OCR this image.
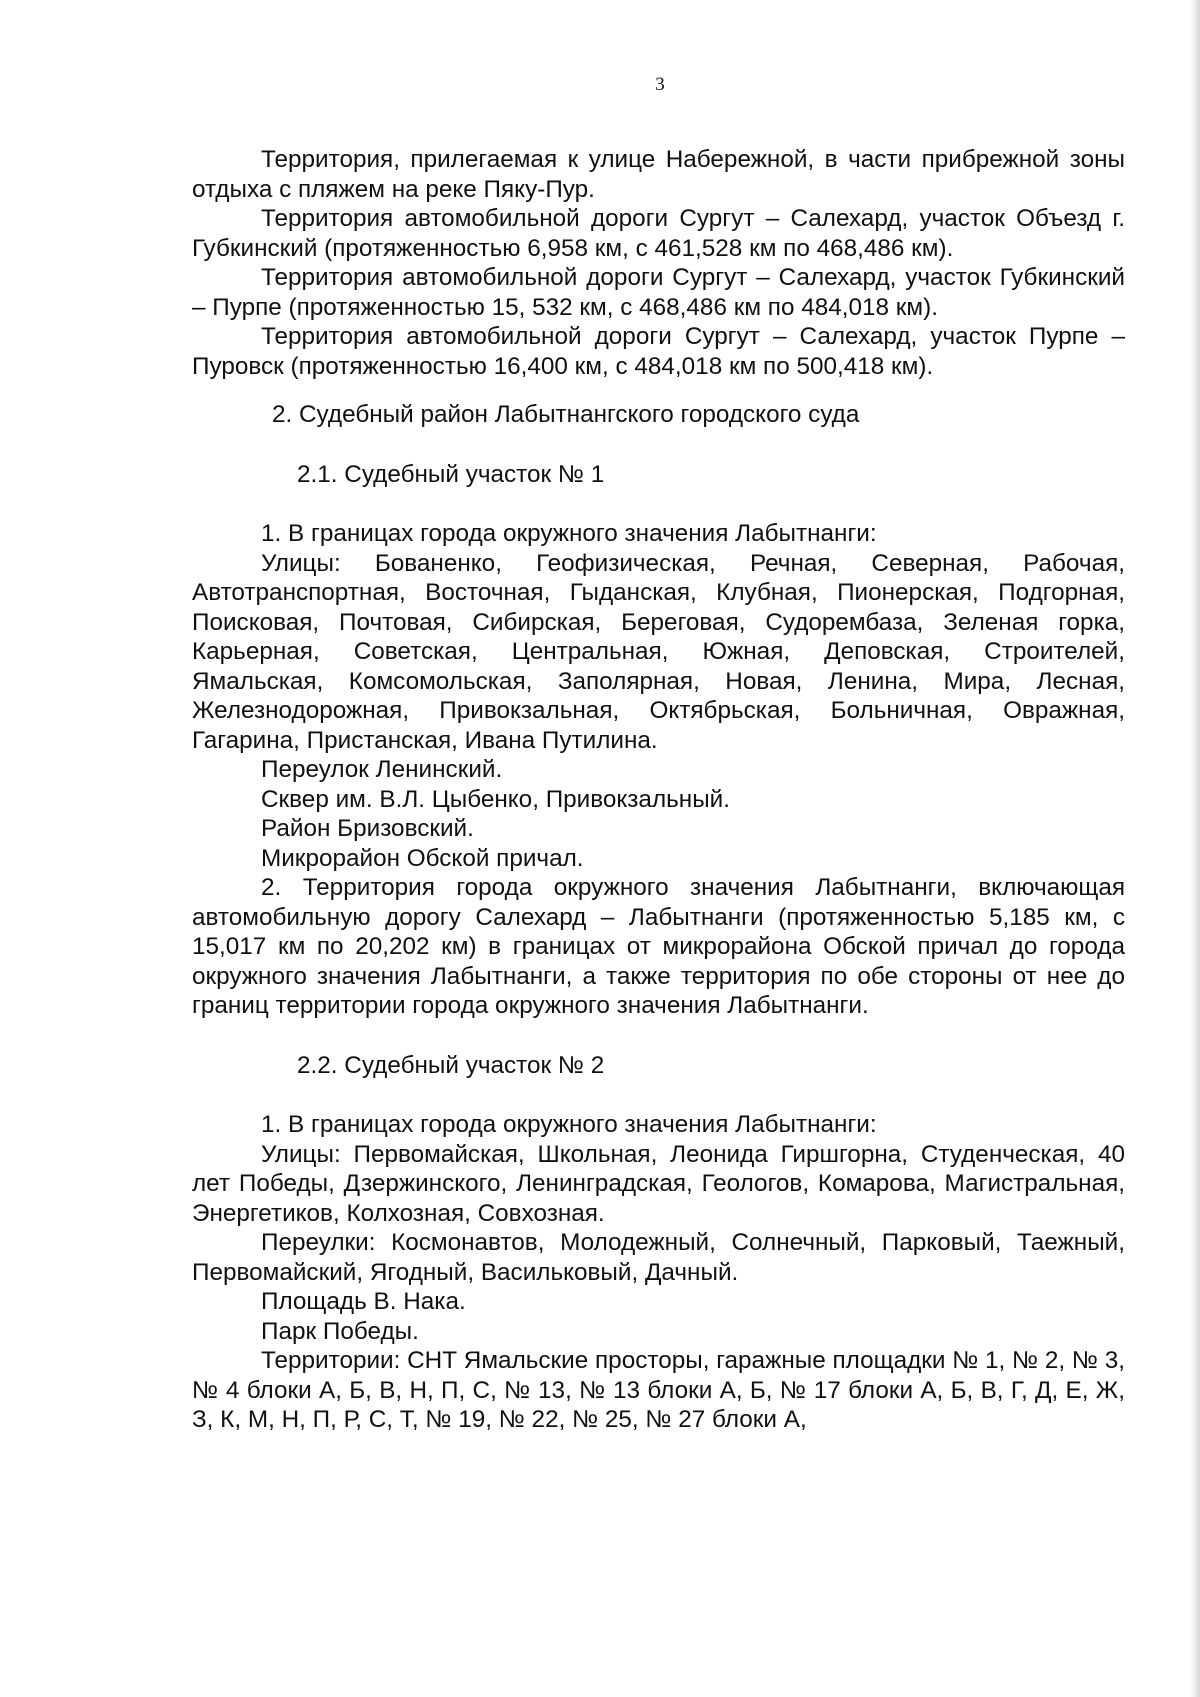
3

Территория, прилегаемая к улице Набережной, в части прибрежной зоны отдыха с пляжем на реке Пяку-Пур.

Территория автомобильной дороги Сургут – Салехард, участок Объезд г. Губкинский (протяженностью 6,958 км, с 461,528 км по 468,486 км).

Территория автомобильной дороги Сургут – Салехард, участок Губкинский – Пурпе (протяженностью 15, 532 км, с 468,486 км по 484,018 км).

Территория автомобильной дороги Сургут – Салехард, участок Пурпе – Пуровск (протяженностью 16,400 км, с 484,018 км по 500,418 км).

2. Судебный район Лабытнангского городского суда

2.1. Судебный участок № 1

1. В границах города окружного значения Лабытнанги:

Улицы: Бованенко, Геофизическая, Речная, Северная, Рабочая, Автотранспортная, Восточная, Гыданская, Клубная, Пионерская, Подгорная, Поисковая, Почтовая, Сибирская, Береговая, Судорембаза, Зеленая горка, Карьерная, Советская, Центральная, Южная, Деповская, Строителей, Ямальская, Комсомольская, Заполярная, Новая, Ленина, Мира, Лесная, Железнодорожная, Привокзальная, Октябрьская, Больничная, Овражная, Гагарина, Пристанская, Ивана Путилина.

Переулок Ленинский.

Сквер им. В.Л. Цыбенко, Привокзальный.

Район Бризовский.

Микрорайон Обской причал.

2. Территория города окружного значения Лабытнанги, включающая автомобильную дорогу Салехард – Лабытнанги (протяженностью 5,185 км, с 15,017 км по 20,202 км) в границах от микрорайона Обской причал до города окружного значения Лабытнанги, а также территория по обе стороны от нее до границ территории города окружного значения Лабытнанги.

2.2. Судебный участок № 2

1. В границах города окружного значения Лабытнанги:

Улицы: Первомайская, Школьная, Леонида Гиршгорна, Студенческая, 40 лет Победы, Дзержинского, Ленинградская, Геологов, Комарова, Магистральная, Энергетиков, Колхозная, Совхозная.

Переулки: Космонавтов, Молодежный, Солнечный, Парковый, Таежный, Первомайский, Ягодный, Васильковый, Дачный.

Площадь В. Нака.

Парк Победы.

Территории: СНТ Ямальские просторы, гаражные площадки № 1, № 2, № 3, № 4 блоки А, Б, В, Н, П, С, № 13, № 13 блоки А, Б, № 17 блоки А, Б, В, Г, Д, Е, Ж, З, К, М, Н, П, Р, С, Т, № 19, № 22, № 25, № 27 блоки А,
